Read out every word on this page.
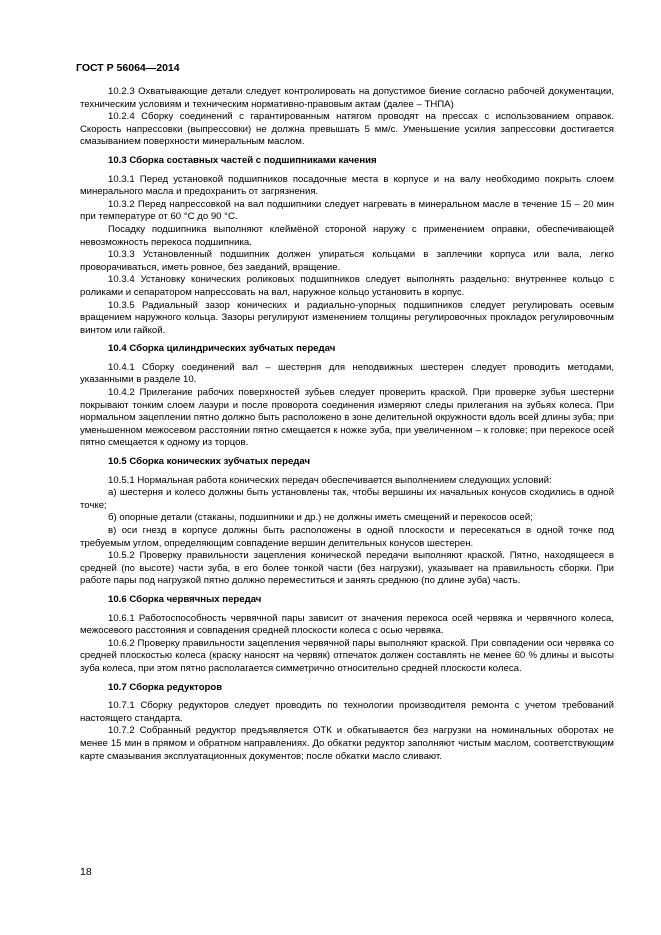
ГОСТ Р 56064—2014

10.2.3 Охватывающие детали следует контролировать на допустимое биение согласно рабочей документации, техническим условиям и техническим нормативно-правовым актам (далее – ТНПА)

10.2.4 Сборку соединений с гарантированным натягом проводят на прессах с использованием оправок. Скорость напрессовки (выпрессовки) не должна превышать 5 мм/с. Уменьшение усилия запрессовки достигается смазыванием поверхности минеральным маслом.

10.3 Сборка составных частей с подшипниками качения

10.3.1 Перед установкой подшипников посадочные места в корпусе и на валу необходимо покрыть слоем минерального масла и предохранить от загрязнения.

10.3.2 Перед напрессовкой на вал подшипники следует нагревать в минеральном масле в течение 15 – 20 мин при температуре от 60 °С до 90 °С.

Посадку подшипника выполняют клеймёной стороной наружу с применением оправки, обеспечивающей невозможность перекоса подшипника.

10.3.3 Установленный подшипник должен упираться кольцами в заплечики корпуса или вала, легко проворачиваться, иметь ровное, без заеданий, вращение.

10.3.4 Установку конических роликовых подшипников следует выполнять раздельно: внутреннее кольцо с роликами и сепаратором напрессовать на вал, наружное кольцо установить в корпус.

10.3.5 Радиальный зазор конических и радиально-упорных подшипников следует регулировать осевым вращением наружного кольца. Зазоры регулируют изменением толщины регулировочных прокладок регулировочным винтом или гайкой.

10.4 Сборка цилиндрических зубчатых передач

10.4.1 Сборку соединений вал – шестерня для неподвижных шестерен следует проводить методами, указанными в разделе 10.

10.4.2 Прилегание рабочих поверхностей зубьев следует проверить краской. При проверке зубья шестерни покрывают тонким слоем лазури и после проворота соединения измеряют следы прилегания на зубьях колеса. При нормальном зацеплении пятно должно быть расположено в зоне делительной окружности вдоль всей длины зуба; при уменьшенном межосевом расстоянии пятно смещается к ножке зуба, при увеличенном – к головке; при перекосе осей пятно смещается к одному из торцов.

10.5 Сборка конических зубчатых передач

10.5.1 Нормальная работа конических передач обеспечивается выполнением следующих условий:

а) шестерня и колесо должны быть установлены так, чтобы вершины их начальных конусов сходились в одной точке;

б) опорные детали (стаканы, подшипники и др.) не должны иметь смещений и перекосов осей;

в) оси гнезд в корпусе должны быть расположены в одной плоскости и пересекаться в одной точке под требуемым углом, определяющим совпадение вершин делительных конусов шестерен.

10.5.2 Проверку правильности зацепления конической передачи выполняют краской. Пятно, находящееся в средней (по высоте) части зуба, в его более тонкой части (без нагрузки), указывает на правильность сборки. При работе пары под нагрузкой пятно должно переместиться и занять среднюю (по длине зуба) часть.

10.6 Сборка червячных передач

10.6.1 Работоспособность червячной пары зависит от значения перекоса осей червяка и червячного колеса, межосевого расстояния и совпадения средней плоскости колеса с осью червяка.

10.6.2 Проверку правильности зацепления червячной пары выполняют краской. При совпадении оси червяка со средней плоскостью колеса (краску наносят на червяк) отпечаток должен составлять не менее 60 % длины и высоты зуба колеса, при этом пятно располагается симметрично относительно средней плоскости колеса.

10.7 Сборка редукторов

10.7.1 Сборку редукторов следует проводить по технологии производителя ремонта с учетом требований настоящего стандарта.

10.7.2 Собранный редуктор предъявляется ОТК и обкатывается без нагрузки на номинальных оборотах не менее 15 мин в прямом и обратном направлениях. До обкатки редуктор заполняют чистым маслом, соответствующим карте смазывания эксплуатационных документов; после обкатки масло сливают.

18
